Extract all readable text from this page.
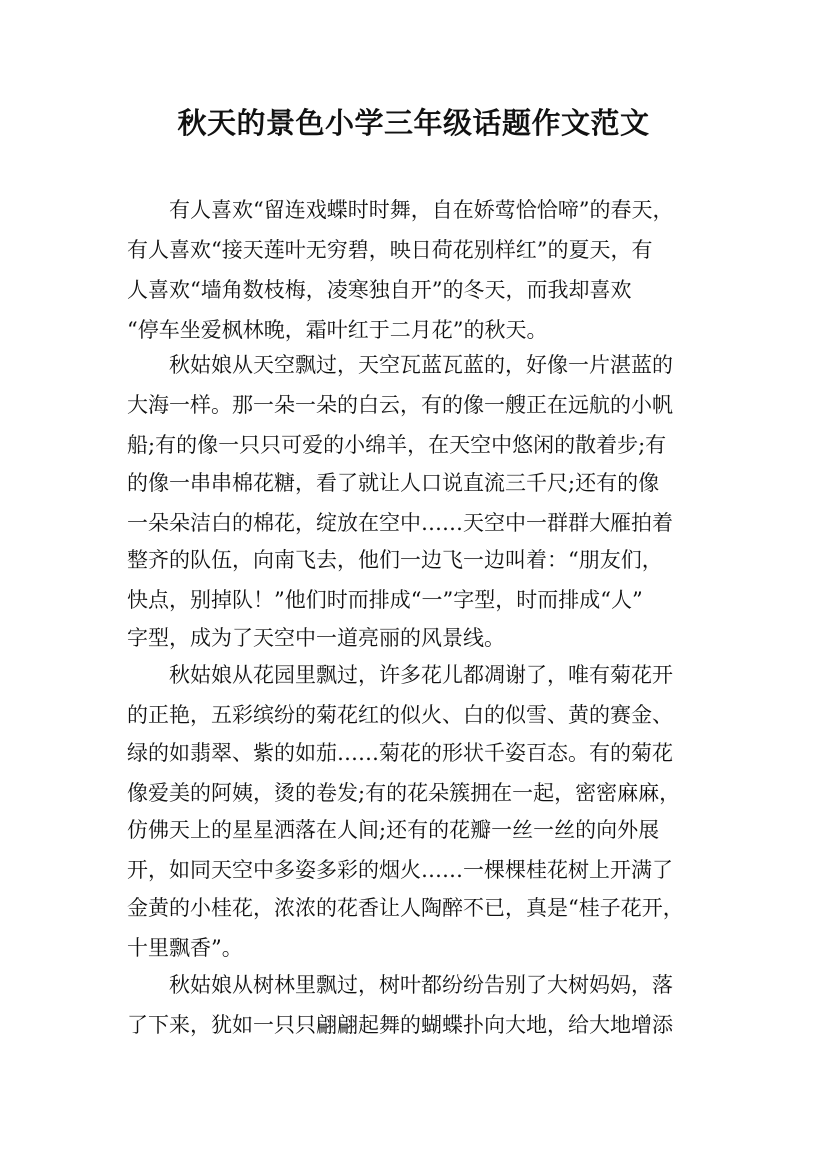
秋天的景色小学三年级话题作文范文

有人喜欢“留连戏蝶时时舞，自在娇莺恰恰啼”的春天，

有人喜欢“接天莲叶无穷碧，映日荷花别样红”的夏天，有

人喜欢“墙角数枝梅，凌寒独自开”的冬天，而我却喜欢

“停车坐爱枫林晚，霜叶红于二月花”的秋天。

秋姑娘从天空飘过，天空瓦蓝瓦蓝的，好像一片湛蓝的

大海一样。那一朵一朵的白云，有的像一艘正在远航的小帆

船;有的像一只只可爱的小绵羊，在天空中悠闲的散着步;有

的像一串串棉花糖，看了就让人口说直流三千尺;还有的像

一朵朵洁白的棉花，绽放在空中……天空中一群群大雁拍着

整齐的队伍，向南飞去，他们一边飞一边叫着：“朋友们，

快点，别掉队！”他们时而排成“一”字型，时而排成“人”

字型，成为了天空中一道亮丽的风景线。

秋姑娘从花园里飘过，许多花儿都凋谢了，唯有菊花开

的正艳，五彩缤纷的菊花红的似火、白的似雪、黄的赛金、

绿的如翡翠、紫的如茄……菊花的形状千姿百态。有的菊花

像爱美的阿姨，烫的卷发;有的花朵簇拥在一起，密密麻麻，

仿佛天上的星星洒落在人间;还有的花瓣一丝一丝的向外展

开，如同天空中多姿多彩的烟火……一棵棵桂花树上开满了

金黄的小桂花，浓浓的花香让人陶醉不已，真是“桂子花开，

十里飘香”。

秋姑娘从树林里飘过，树叶都纷纷告别了大树妈妈，落

了下来，犹如一只只翩翩起舞的蝴蝶扑向大地，给大地增添
